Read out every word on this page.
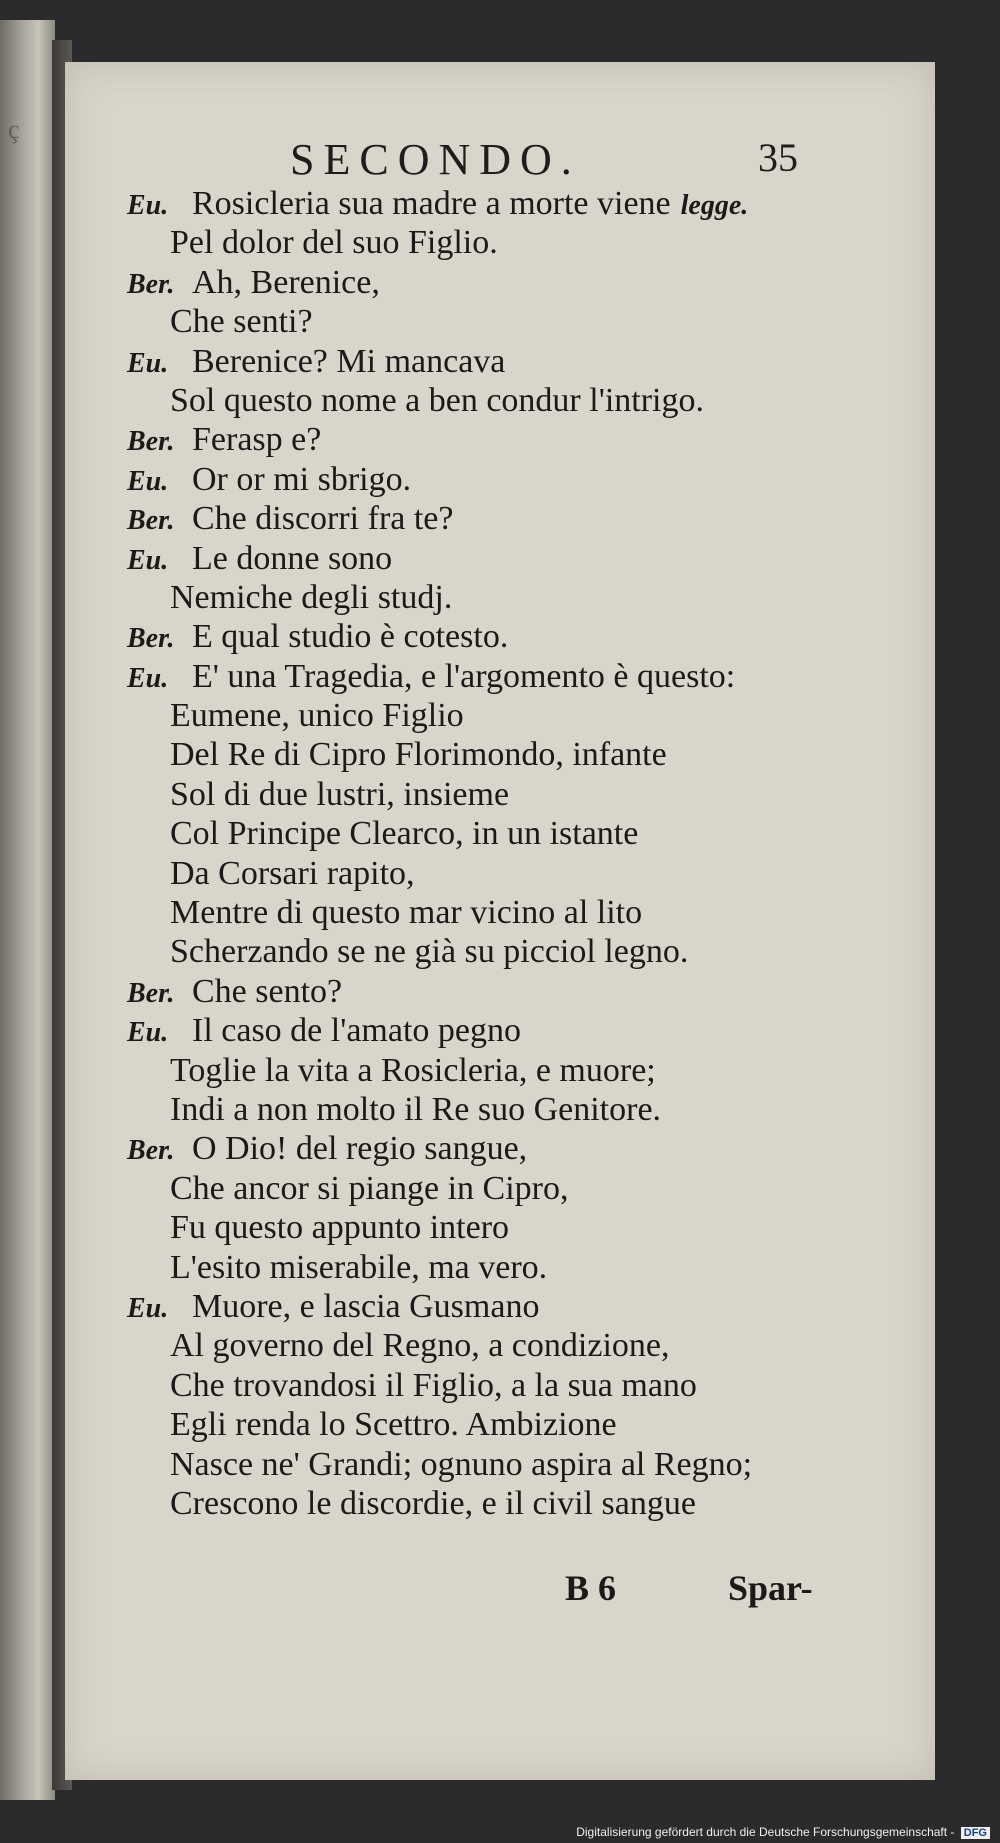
ç
SECONDO.	35
Eu. Rosicleria sua madre a morte viene legge.
Pel dolor del suo Figlio.
Ber. Ah, Berenice,
Che senti?
Eu. Berenice? Mi mancava
Sol questo nome a ben condur l'intrigo.
Ber. Ferasp e?
Eu. Or or mi sbrigo.
Ber. Che discorri fra te?
Eu. Le donne sono
Nemiche degli studj.
Ber. E qual studio è cotesto.
Eu. E' una Tragedia, e l'argomento è questo:
Eumene, unico Figlio
Del Re di Cipro Florimondo, infante
Sol di due lustri, insieme
Col Principe Clearco, in un istante
Da Corsari rapito,
Mentre di questo mar vicino al lito
Scherzando se ne già su picciol legno.
Ber. Che sento?
Eu. Il caso de l'amato pegno
Toglie la vita a Rosicleria, e muore;
Indi a non molto il Re suo Genitore.
Ber. O Dio! del regio sangue,
Che ancor si piange in Cipro,
Fu questo appunto intero
L'esito miserabile, ma vero.
Eu. Muore, e lascia Gusmano
Al governo del Regno, a condizione,
Che trovandosi il Figlio, a la sua mano
Egli renda lo Scettro. Ambizione
Nasce ne' Grandi; ognuno aspira al Regno;
Crescono le discordie, e il civil sangue
B 6	Spar-
Digitalisierung gefördert durch die Deutsche Forschungsgemeinschaft - DFG
